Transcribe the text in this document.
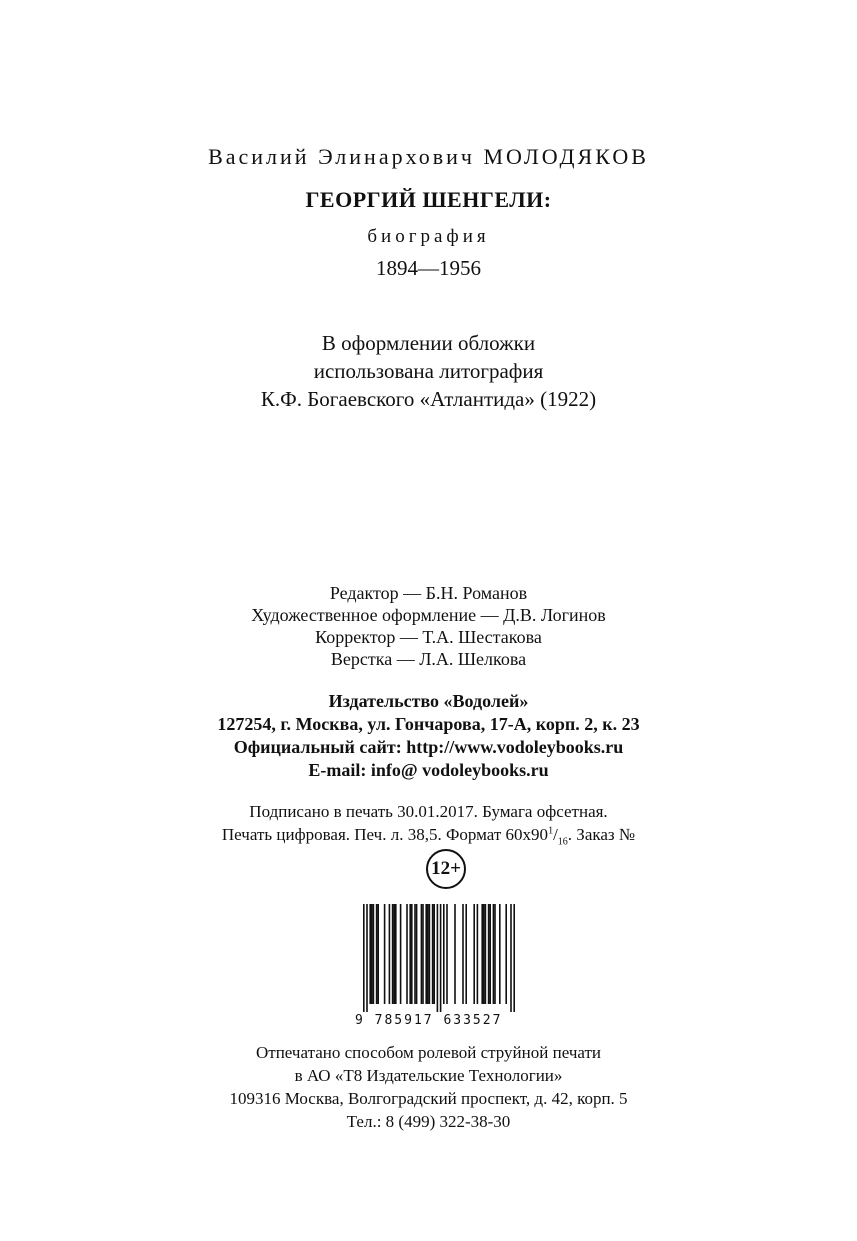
Василий Элинархович МОЛОДЯКОВ
ГЕОРГИЙ ШЕНГЕЛИ:
биография
1894—1956
В оформлении обложки
использована литография
К.Ф. Богаевского «Атлантида» (1922)
Редактор — Б.Н. Романов
Художественное оформление — Д.В. Логинов
Корректор — Т.А. Шестакова
Верстка — Л.А. Шелкова
Издательство «Водолей»
127254, г. Москва, ул. Гончарова, 17-А, корп. 2, к. 23
Официальный сайт: http://www.vodoleybooks.ru
E-mail: info@ vodoleybooks.ru
Подписано в печать 30.01.2017. Бумага офсетная.
Печать цифровая. Печ. л. 38,5. Формат $60x90^1/_{16}$. Заказ №
12+
9 785917 633527
Отпечатано способом ролевой струйной печати
в АО «Т8 Издательские Технологии»
109316 Москва, Волгоградский проспект, д. 42, корп. 5
Тел.: 8 (499) 322-38-30
